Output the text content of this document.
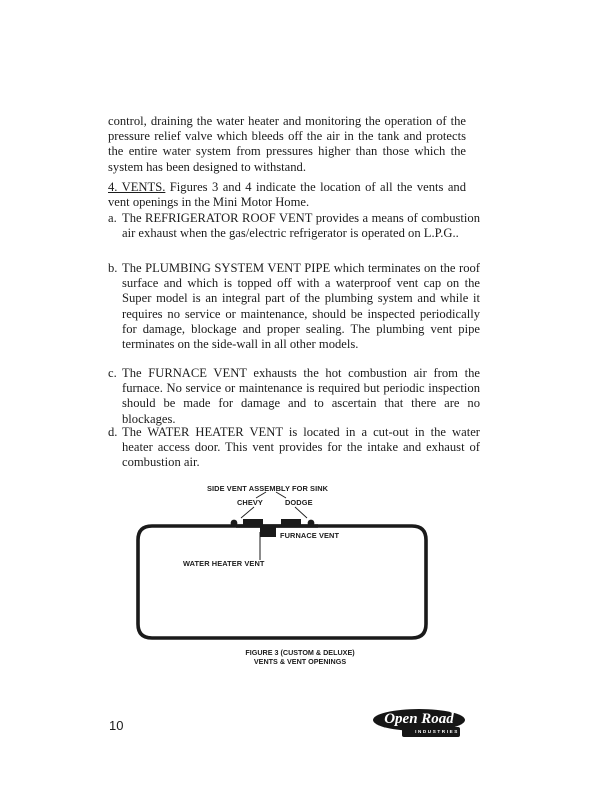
control, draining the water heater and monitoring the operation of the pressure relief valve which bleeds off the air in the tank and protects the entire water system from pressures higher than those which the system has been designed to withstand.

4. VENTS. Figures 3 and 4 indicate the location of all the vents and vent openings in the Mini Motor Home.

a. The REFRIGERATOR ROOF VENT provides a means of combustion air exhaust when the gas/electric refrigerator is operated on L.P.G..
b. The PLUMBING SYSTEM VENT PIPE which terminates on the roof surface and which is topped off with a waterproof vent cap on the Super model is an integral part of the plumbing system and while it requires no service or maintenance, should be inspected periodically for damage, blockage and proper sealing. The plumbing vent pipe terminates on the side-wall in all other models.
c. The FURNACE VENT exhausts the hot combustion air from the furnace. No service or maintenance is required but periodic inspection should be made for damage and to ascertain that there are no blockages.
d. The WATER HEATER VENT is located in a cut-out in the water heater access door. This vent provides for the intake and exhaust of combustion air.
SIDE VENT ASSEMBLY FOR SINK
CHEVY	DODGE
FURNACE VENT
WATER HEATER VENT
FIGURE 3 (CUSTOM & DELUXE)
VENTS & VENT OPENINGS
10	Open Road
INDUSTRIES
